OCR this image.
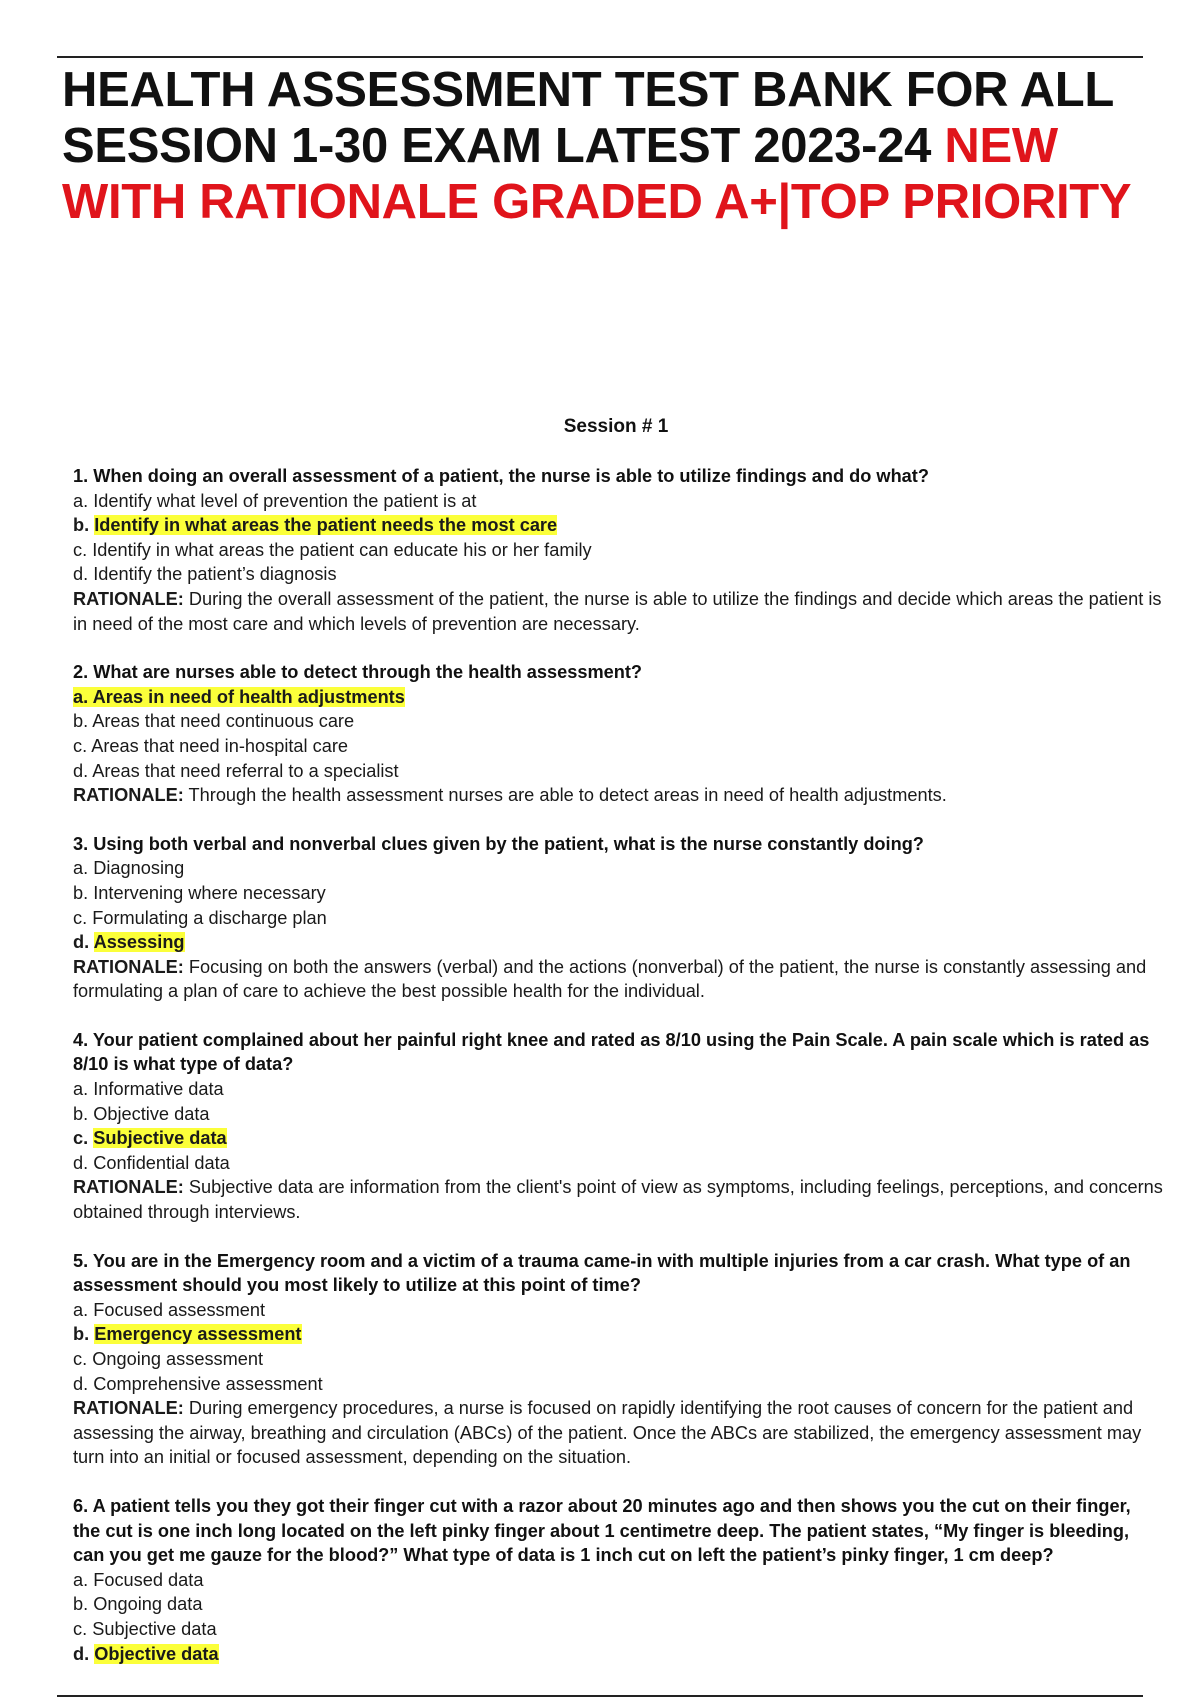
HEALTH ASSESSMENT TEST BANK FOR ALL SESSION 1-30 EXAM LATEST 2023-24 NEW WITH RATIONALE GRADED A+|TOP PRIORITY
Session # 1
1. When doing an overall assessment of a patient, the nurse is able to utilize findings and do what?
a. Identify what level of prevention the patient is at
b. Identify in what areas the patient needs the most care
c. Identify in what areas the patient can educate his or her family
d. Identify the patient’s diagnosis
RATIONALE: During the overall assessment of the patient, the nurse is able to utilize the findings and decide which areas the patient is in need of the most care and which levels of prevention are necessary.
2. What are nurses able to detect through the health assessment?
a. Areas in need of health adjustments
b. Areas that need continuous care
c. Areas that need in-hospital care
d. Areas that need referral to a specialist
RATIONALE: Through the health assessment nurses are able to detect areas in need of health adjustments.
3. Using both verbal and nonverbal clues given by the patient, what is the nurse constantly doing?
a. Diagnosing
b. Intervening where necessary
c. Formulating a discharge plan
d. Assessing
RATIONALE: Focusing on both the answers (verbal) and the actions (nonverbal) of the patient, the nurse is constantly assessing and formulating a plan of care to achieve the best possible health for the individual.
4. Your patient complained about her painful right knee and rated as 8/10 using the Pain Scale. A pain scale which is rated as 8/10 is what type of data?
a. Informative data
b. Objective data
c. Subjective data
d. Confidential data
RATIONALE: Subjective data are information from the client's point of view as symptoms, including feelings, perceptions, and concerns obtained through interviews.
5. You are in the Emergency room and a victim of a trauma came-in with multiple injuries from a car crash. What type of an assessment should you most likely to utilize at this point of time?
a. Focused assessment
b. Emergency assessment
c. Ongoing assessment
d. Comprehensive assessment
RATIONALE: During emergency procedures, a nurse is focused on rapidly identifying the root causes of concern for the patient and assessing the airway, breathing and circulation (ABCs) of the patient. Once the ABCs are stabilized, the emergency assessment may turn into an initial or focused assessment, depending on the situation.
6. A patient tells you they got their finger cut with a razor about 20 minutes ago and then shows you the cut on their finger, the cut is one inch long located on the left pinky finger about 1 centimetre deep. The patient states, “My finger is bleeding, can you get me gauze for the blood?” What type of data is 1 inch cut on left the patient’s pinky finger, 1 cm deep?
a. Focused data
b. Ongoing data
c. Subjective data
d. Objective data
